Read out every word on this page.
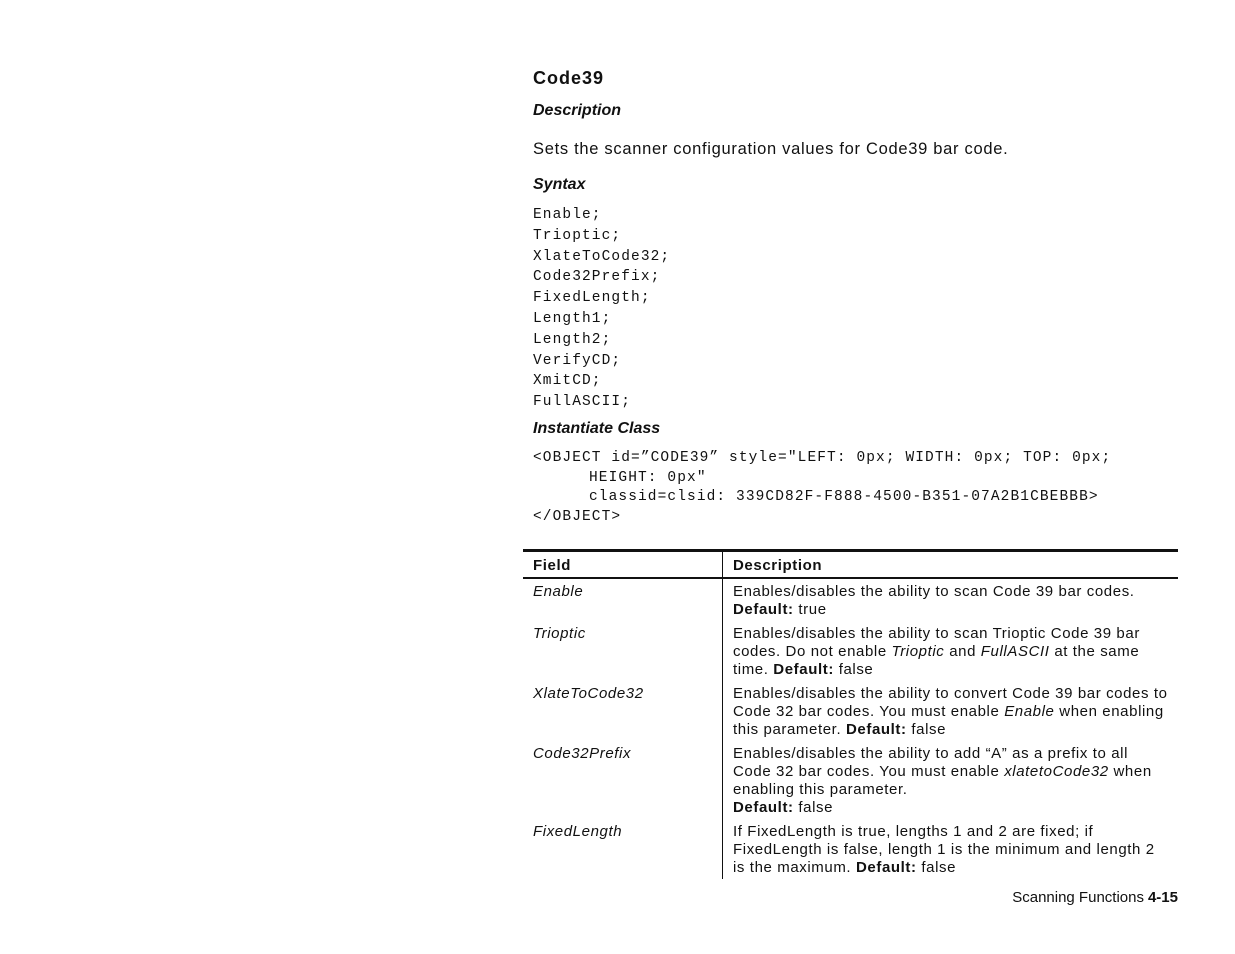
Code39
Description

Sets the scanner configuration values for Code39 bar code.

Syntax
Enable;
Trioptic;
XlateToCode32;
Code32Prefix;
FixedLength;
Length1;
Length2;
VerifyCD;
XmitCD;
FullASCII;
Instantiate Class
<OBJECT id=”CODE39” style="LEFT: 0px; WIDTH: 0px; TOP: 0px;
HEIGHT: 0px"
classid=clsid: 339CD82F-F888-4500-B351-07A2B1CBEBBB>
</OBJECT>
Field	Description
Enable	Enables/disables the ability to scan Code 39 bar codes. Default: true
Trioptic	Enables/disables the ability to scan Trioptic Code 39 bar codes. Do not enable Trioptic and FullASCII at the same time. Default: false
XlateToCode32	Enables/disables the ability to convert Code 39 bar codes to Code 32 bar codes. You must enable Enable when enabling this parameter. Default: false
Code32Prefix	Enables/disables the ability to add “A” as a prefix to all Code 32 bar codes. You must enable xlatetoCode32 when enabling this parameter.
Default: false
FixedLength	If FixedLength is true, lengths 1 and 2 are fixed; if FixedLength is false, length 1 is the minimum and length 2 is the maximum. Default: false
Scanning Functions 4-15
